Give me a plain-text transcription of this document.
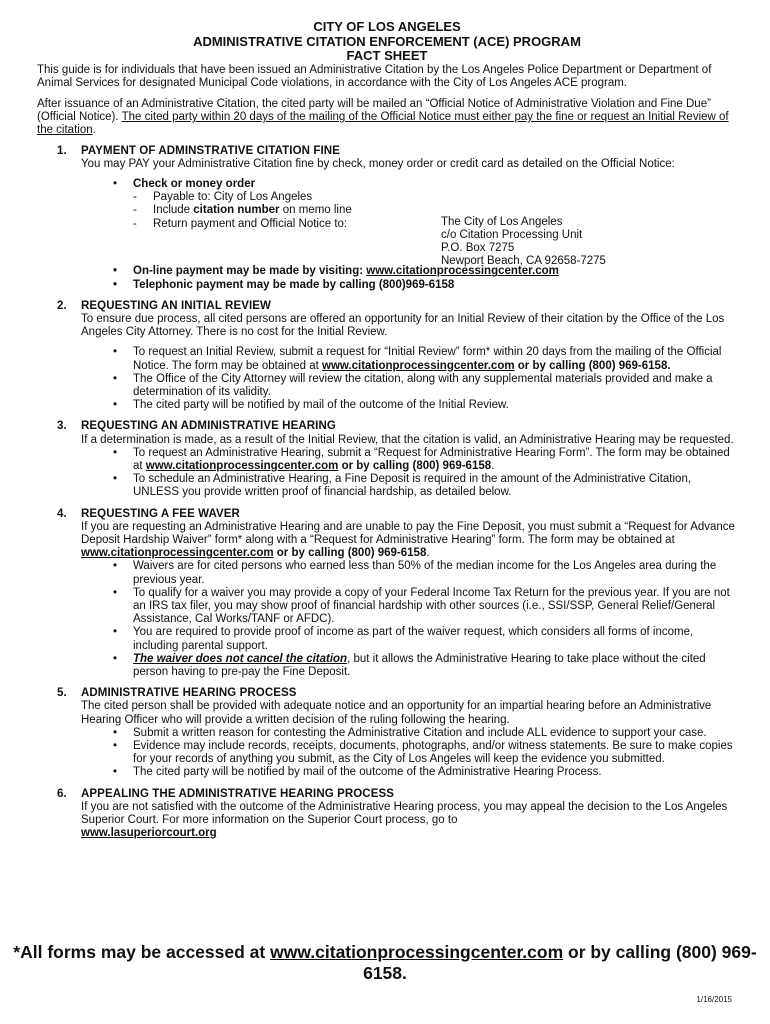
CITY OF LOS ANGELES
ADMINISTRATIVE CITATION ENFORCEMENT (ACE) PROGRAM
FACT SHEET

This guide is for individuals that have been issued an Administrative Citation by the Los Angeles Police Department or Department of Animal Services for designated Municipal Code violations, in accordance with the City of Los Angeles ACE program.

After issuance of an Administrative Citation, the cited party will be mailed an “Official Notice of Administrative Violation and Fine Due” (Official Notice). The cited party within 20 days of the mailing of the Official Notice must either pay the fine or request an Initial Review of the citation.

1.	PAYMENT OF ADMINSTRATIVE CITATION FINE

You may PAY your Administrative Citation fine by check, money order or credit card as detailed on the Official Notice:

• Check or money order
- Payable to: City of Los Angeles
- Include citation number on memo line
- Return payment and Official Notice to:	The City of Los Angeles
c/o Citation Processing Unit
P.O. Box 7275
Newport Beach, CA 92658-7275
• On-line payment may be made by visiting: www.citationprocessingcenter.com
• Telephonic payment may be made by calling (800)969-6158
2.	REQUESTING AN INITIAL REVIEW

To ensure due process, all cited persons are offered an opportunity for an Initial Review of their citation by the Office of the Los Angeles City Attorney. There is no cost for the Initial Review.

• To request an Initial Review, submit a request for “Initial Review” form* within 20 days from the mailing of the Official Notice. The form may be obtained at www.citationprocessingcenter.com or by calling (800) 969-6158.
• The Office of the City Attorney will review the citation, along with any supplemental materials provided and make a determination of its validity.
• The cited party will be notified by mail of the outcome of the Initial Review.
3.	REQUESTING AN ADMINISTRATIVE HEARING

If a determination is made, as a result of the Initial Review, that the citation is valid, an Administrative Hearing may be requested.

• To request an Administrative Hearing, submit a “Request for Administrative Hearing Form”. The form may be obtained at www.citationprocessingcenter.com or by calling (800) 969-6158.
• To schedule an Administrative Hearing, a Fine Deposit is required in the amount of the Administrative Citation, UNLESS you provide written proof of financial hardship, as detailed below.
4.	REQUESTING A FEE WAVER

If you are requesting an Administrative Hearing and are unable to pay the Fine Deposit, you must submit a “Request for Advance Deposit Hardship Waiver” form* along with a “Request for Administrative Hearing” form. The form may be obtained at www.citationprocessingcenter.com or by calling (800) 969-6158.

• Waivers are for cited persons who earned less than 50% of the median income for the Los Angeles area during the previous year.
• To qualify for a waiver you may provide a copy of your Federal Income Tax Return for the previous year. If you are not an IRS tax filer, you may show proof of financial hardship with other sources (i.e., SSI/SSP, General Relief/General Assistance, Cal Works/TANF or AFDC).
• You are required to provide proof of income as part of the waiver request, which considers all forms of income, including parental support.
• The waiver does not cancel the citation, but it allows the Administrative Hearing to take place without the cited person having to pre-pay the Fine Deposit.
5.	ADMINISTRATIVE HEARING PROCESS

The cited person shall be provided with adequate notice and an opportunity for an impartial hearing before an Administrative Hearing Officer who will provide a written decision of the ruling following the hearing.

• Submit a written reason for contesting the Administrative Citation and include ALL evidence to support your case.
• Evidence may include records, receipts, documents, photographs, and/or witness statements. Be sure to make copies for your records of anything you submit, as the City of Los Angeles will keep the evidence you submitted.
• The cited party will be notified by mail of the outcome of the Administrative Hearing Process.
6.	APPEALING THE ADMINISTRATIVE HEARING PROCESS

If you are not satisfied with the outcome of the Administrative Hearing process, you may appeal the decision to the Los Angeles Superior Court. For more information on the Superior Court process, go to

www.lasuperiorcourt.org
*All forms may be accessed at www.citationprocessingcenter.com or by calling (800) 969-6158.
1/16/2015
